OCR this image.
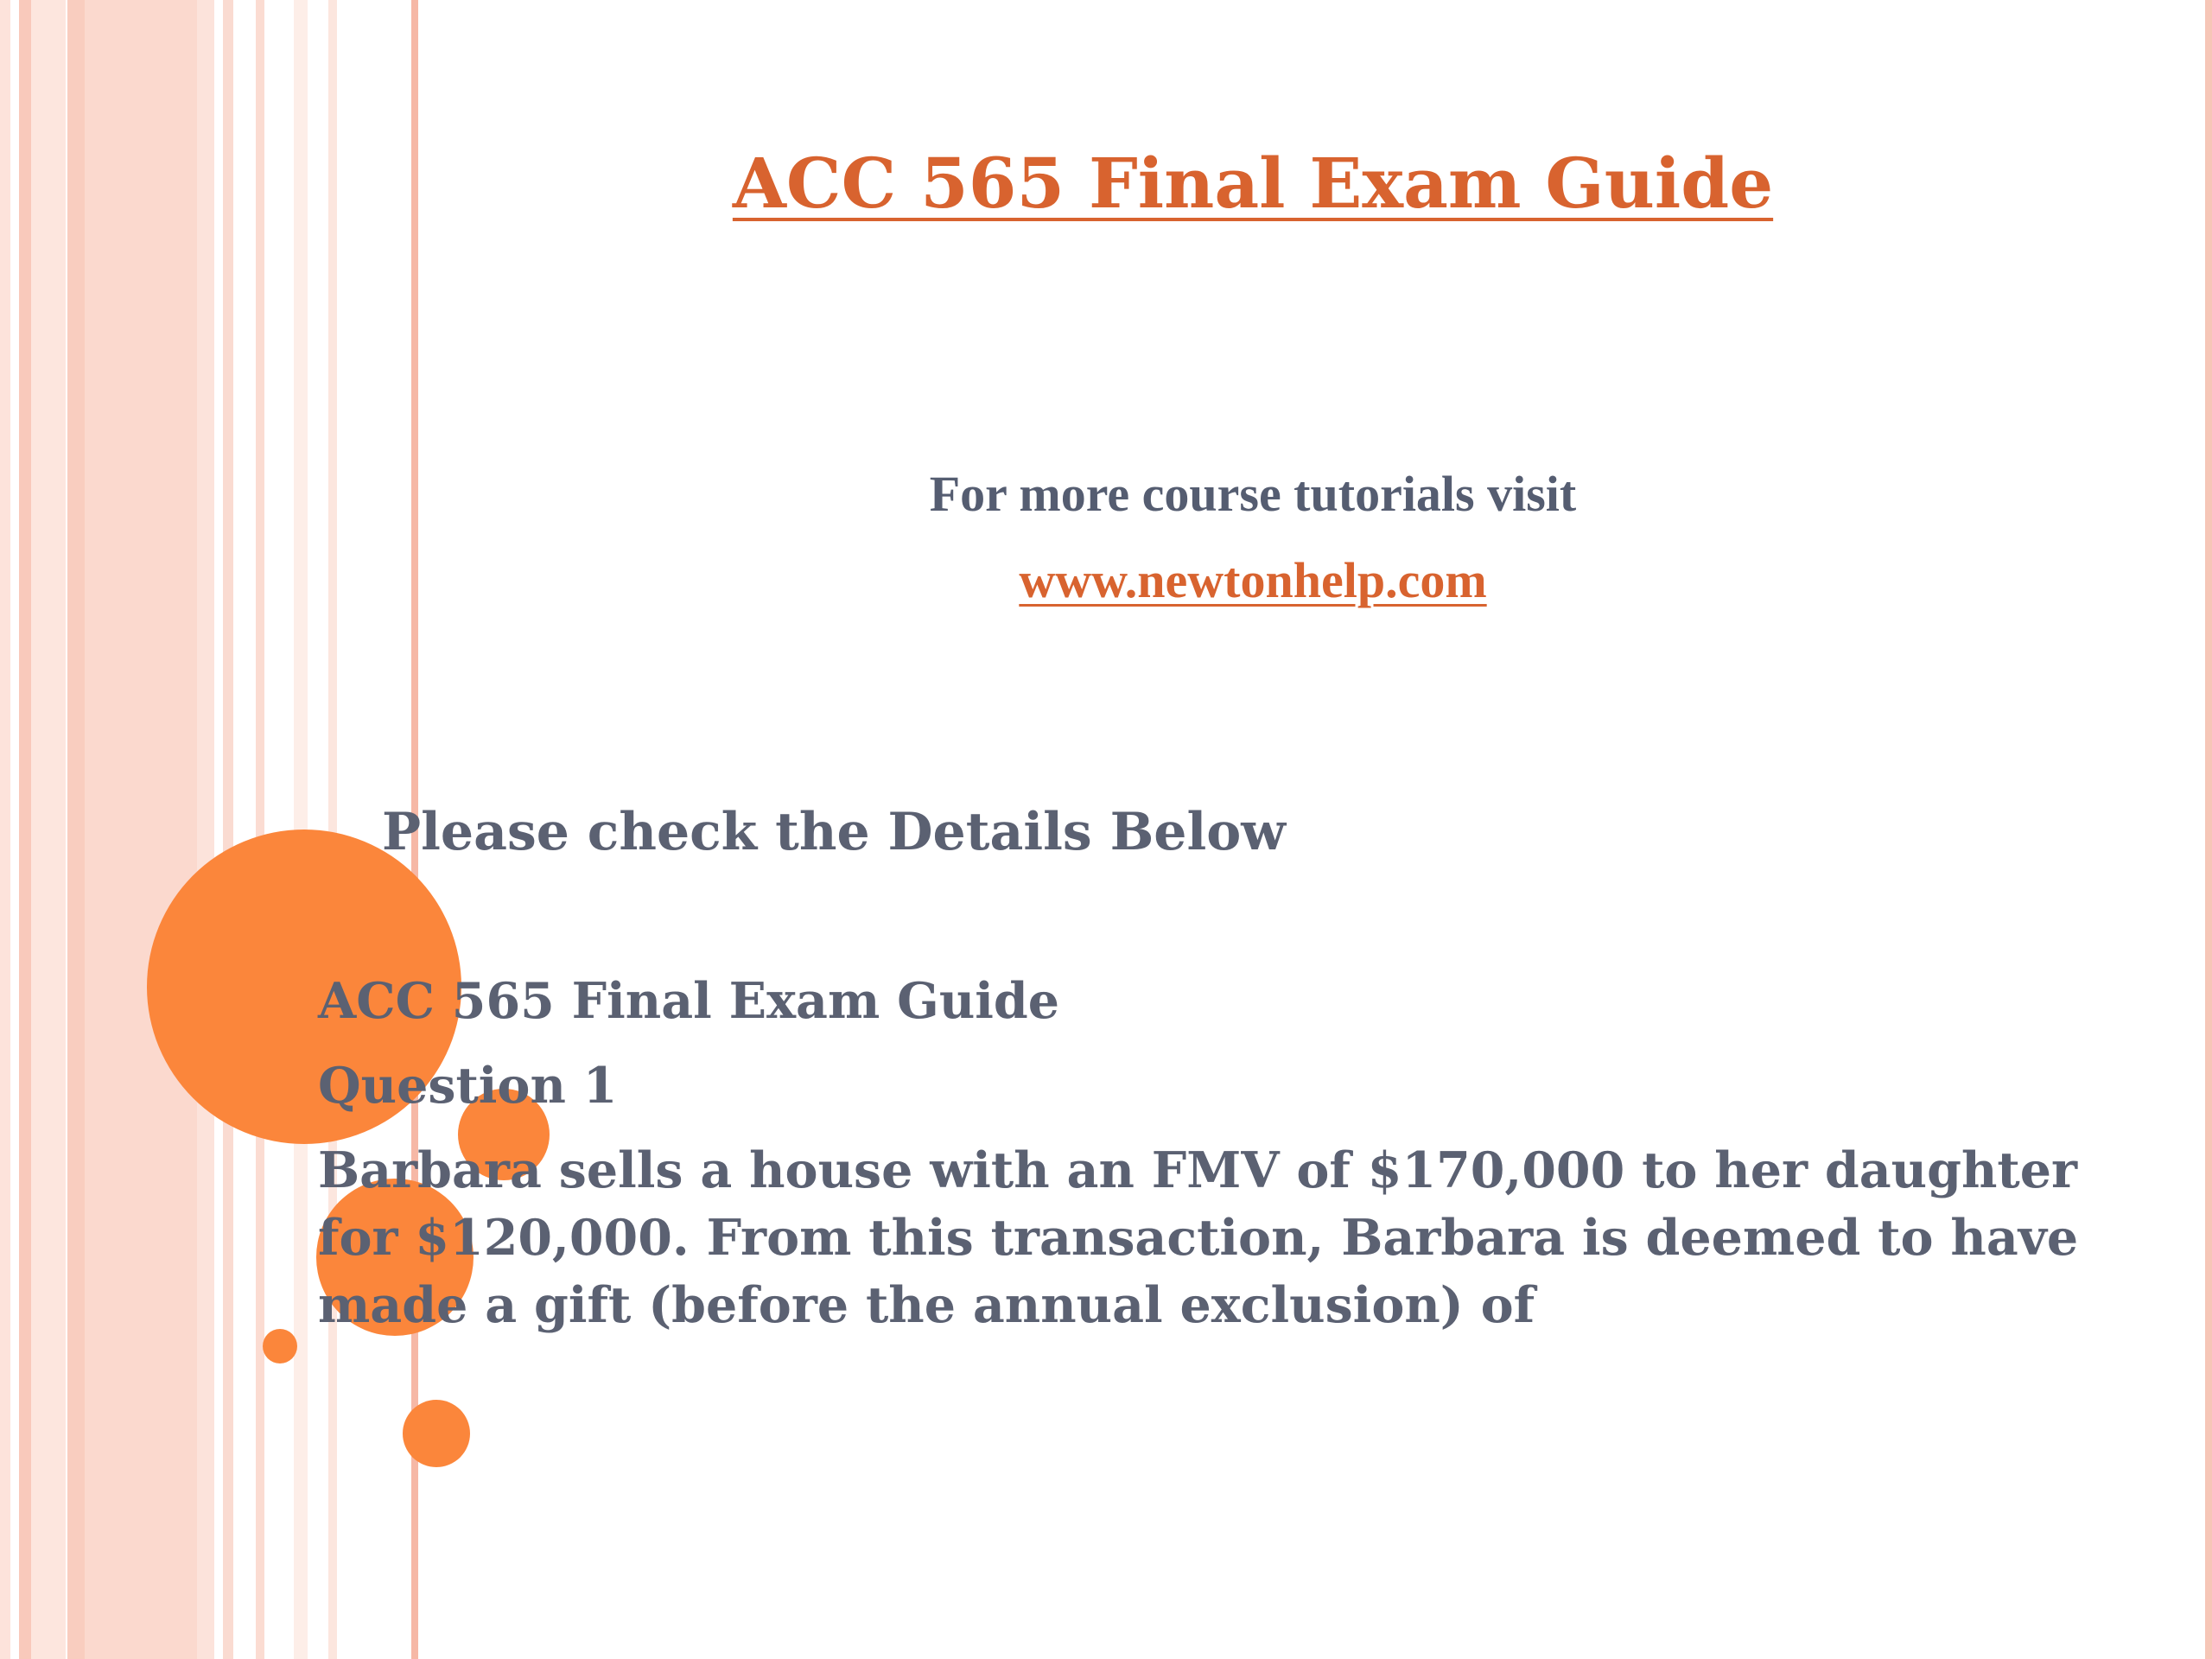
ACC 565 Final Exam Guide
For more course tutorials visit
www.newtonhelp.com
Please check the Details Below

ACC 565 Final Exam Guide

Question 1

Barbara sells a house with an FMV of $170,000 to her daughter for $120,000. From this transaction, Barbara is deemed to have made a gift (before the annual exclusion) of
